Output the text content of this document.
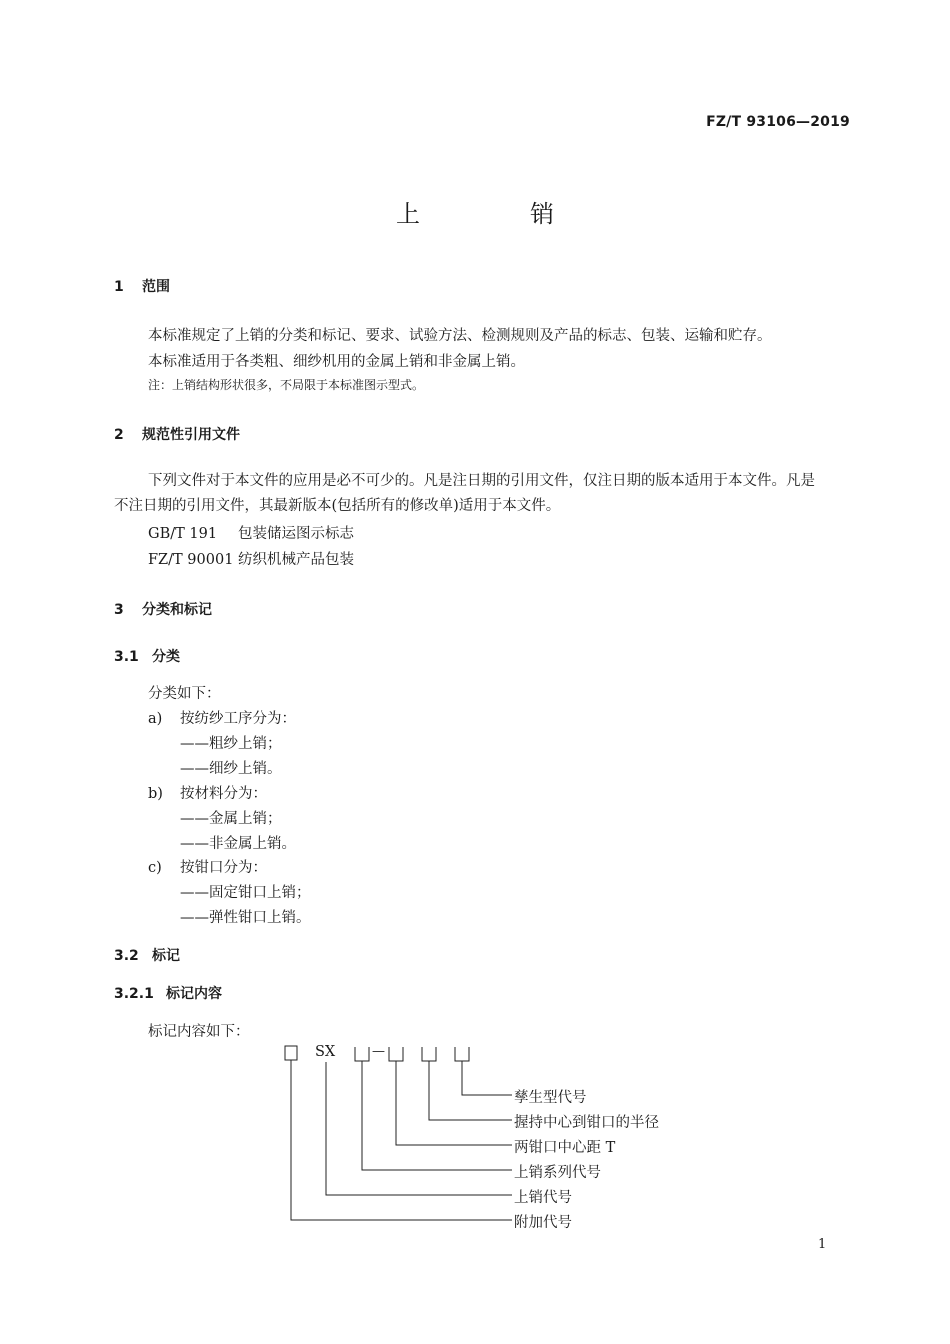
FZ/T 93106—2019
上	销
1 范围
本标准规定了上销的分类和标记、要求、试验方法、检测规则及产品的标志、包装、运输和贮存。
本标准适用于各类粗、细纱机用的金属上销和非金属上销。
注：上销结构形状很多，不局限于本标准图示型式。
2 规范性引用文件
下列文件对于本文件的应用是必不可少的。凡是注日期的引用文件，仅注日期的版本适用于本文件。凡是不注日期的引用文件，其最新版本(包括所有的修改单)适用于本文件。
GB/T 191 包装储运图示标志
FZ/T 90001 纺织机械产品包装
3 分类和标记
3.1 分类
分类如下：
a) 按纺纱工序分为：
——粗纱上销；
——细纱上销。
b) 按材料分为：
——金属上销；
——非金属上销。
c) 按钳口分为：
——固定钳口上销；
——弹性钳口上销。
3.2 标记
3.2.1 标记内容
标记内容如下：
SX	—
孳生型代号
握持中心到钳口的半径
两钳口中心距 T
上销系列代号
上销代号
附加代号
1
